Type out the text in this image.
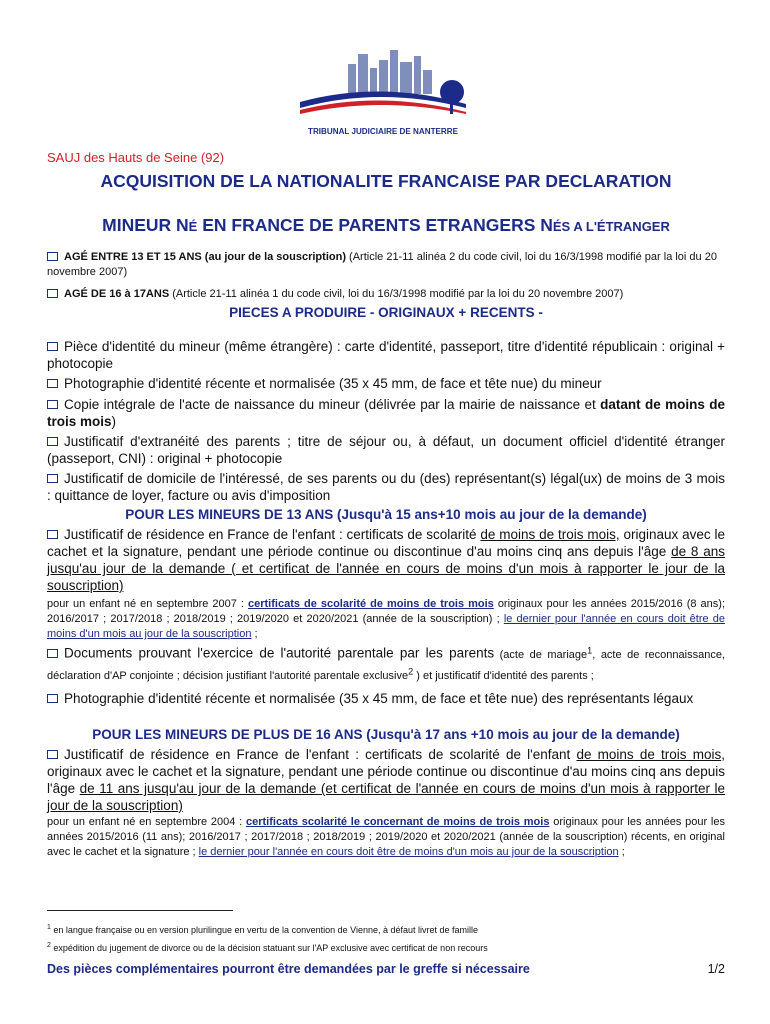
TRIBUNAL JUDICIAIRE DE NANTERRE
SAUJ des Hauts de Seine (92)
ACQUISITION DE LA NATIONALITE FRANCAISE PAR DECLARATION
MINEUR NÉ EN FRANCE DE PARENTS ETRANGERS NÉS A L'ÉTRANGER
AGÉ ENTRE 13 ET 15 ANS (au jour de la souscription) (Article 21-11 alinéa 2 du code civil, loi du 16/3/1998 modifié par la loi du 20 novembre 2007)
AGÉ DE 16 à 17ANS (Article 21-11 alinéa 1 du code civil, loi du 16/3/1998 modifié par la loi du 20 novembre 2007)
PIECES A PRODUIRE - ORIGINAUX + RECENTS -
Pièce d'identité du mineur (même étrangère) : carte d'identité, passeport, titre d'identité républicain : original + photocopie
Photographie d'identité récente et normalisée (35 x 45 mm, de face et tête nue) du mineur
Copie intégrale de l'acte de naissance du mineur (délivrée par la mairie de naissance et datant de moins de trois mois)
Justificatif d'extranéité des parents ; titre de séjour ou, à défaut, un document officiel d'identité étranger (passeport, CNI) : original + photocopie
Justificatif de domicile de l'intéressé, de ses parents ou du (des) représentant(s) légal(ux) de moins de 3 mois : quittance de loyer, facture ou avis d'imposition
POUR LES MINEURS DE 13 ANS (Jusqu'à 15 ans+10 mois au jour de la demande)
Justificatif de résidence en France de l'enfant : certificats de scolarité de moins de trois mois, originaux avec le cachet et la signature, pendant une période continue ou discontinue d'au moins cinq ans depuis l'âge de 8 ans jusqu'au jour de la demande ( et certificat de l'année en cours de moins d'un mois à rapporter le jour de la souscription)
pour un enfant né en septembre 2007 : certificats de scolarité de moins de trois mois originaux pour les années 2015/2016 (8 ans); 2016/2017 ; 2017/2018 ; 2018/2019 ; 2019/2020 et 2020/2021 (année de la souscription) ; le dernier pour l'année en cours doit être de moins d'un mois au jour de la souscription ;
Documents prouvant l'exercice de l'autorité parentale par les parents (acte de mariage$^1$, acte de reconnaissance, déclaration d'AP conjointe ; décision justifiant l'autorité parentale exclusive$^2$ ) et justificatif d'identité des parents ;
Photographie d'identité récente et normalisée (35 x 45 mm, de face et tête nue) des représentants légaux
POUR LES MINEURS DE PLUS DE 16 ANS (Jusqu'à 17 ans +10 mois au jour de la demande)
Justificatif de résidence en France de l'enfant : certificats de scolarité de l'enfant de moins de trois mois, originaux avec le cachet et la signature, pendant une période continue ou discontinue d'au moins cinq ans depuis l'âge de 11 ans jusqu'au jour de la demande (et certificat de l'année en cours de moins d'un mois à rapporter le jour de la souscription)
pour un enfant né en septembre 2004 : certificats scolarité le concernant de moins de trois mois originaux pour les années pour les années 2015/2016 (11 ans); 2016/2017 ; 2017/2018 ; 2018/2019 ; 2019/2020 et 2020/2021 (année de la souscription) récents, en original avec le cachet et la signature ; le dernier pour l'année en cours doit être de moins d'un mois au jour de la souscription ;
$^1$ en langue française ou en version plurilingue en vertu de la convention de Vienne, à défaut livret de famille
$^2$ expédition du jugement de divorce ou de la décision statuant sur l'AP exclusive avec certificat de non recours
Des pièces complémentaires pourront être demandées par le greffe si nécessaire	1/2
